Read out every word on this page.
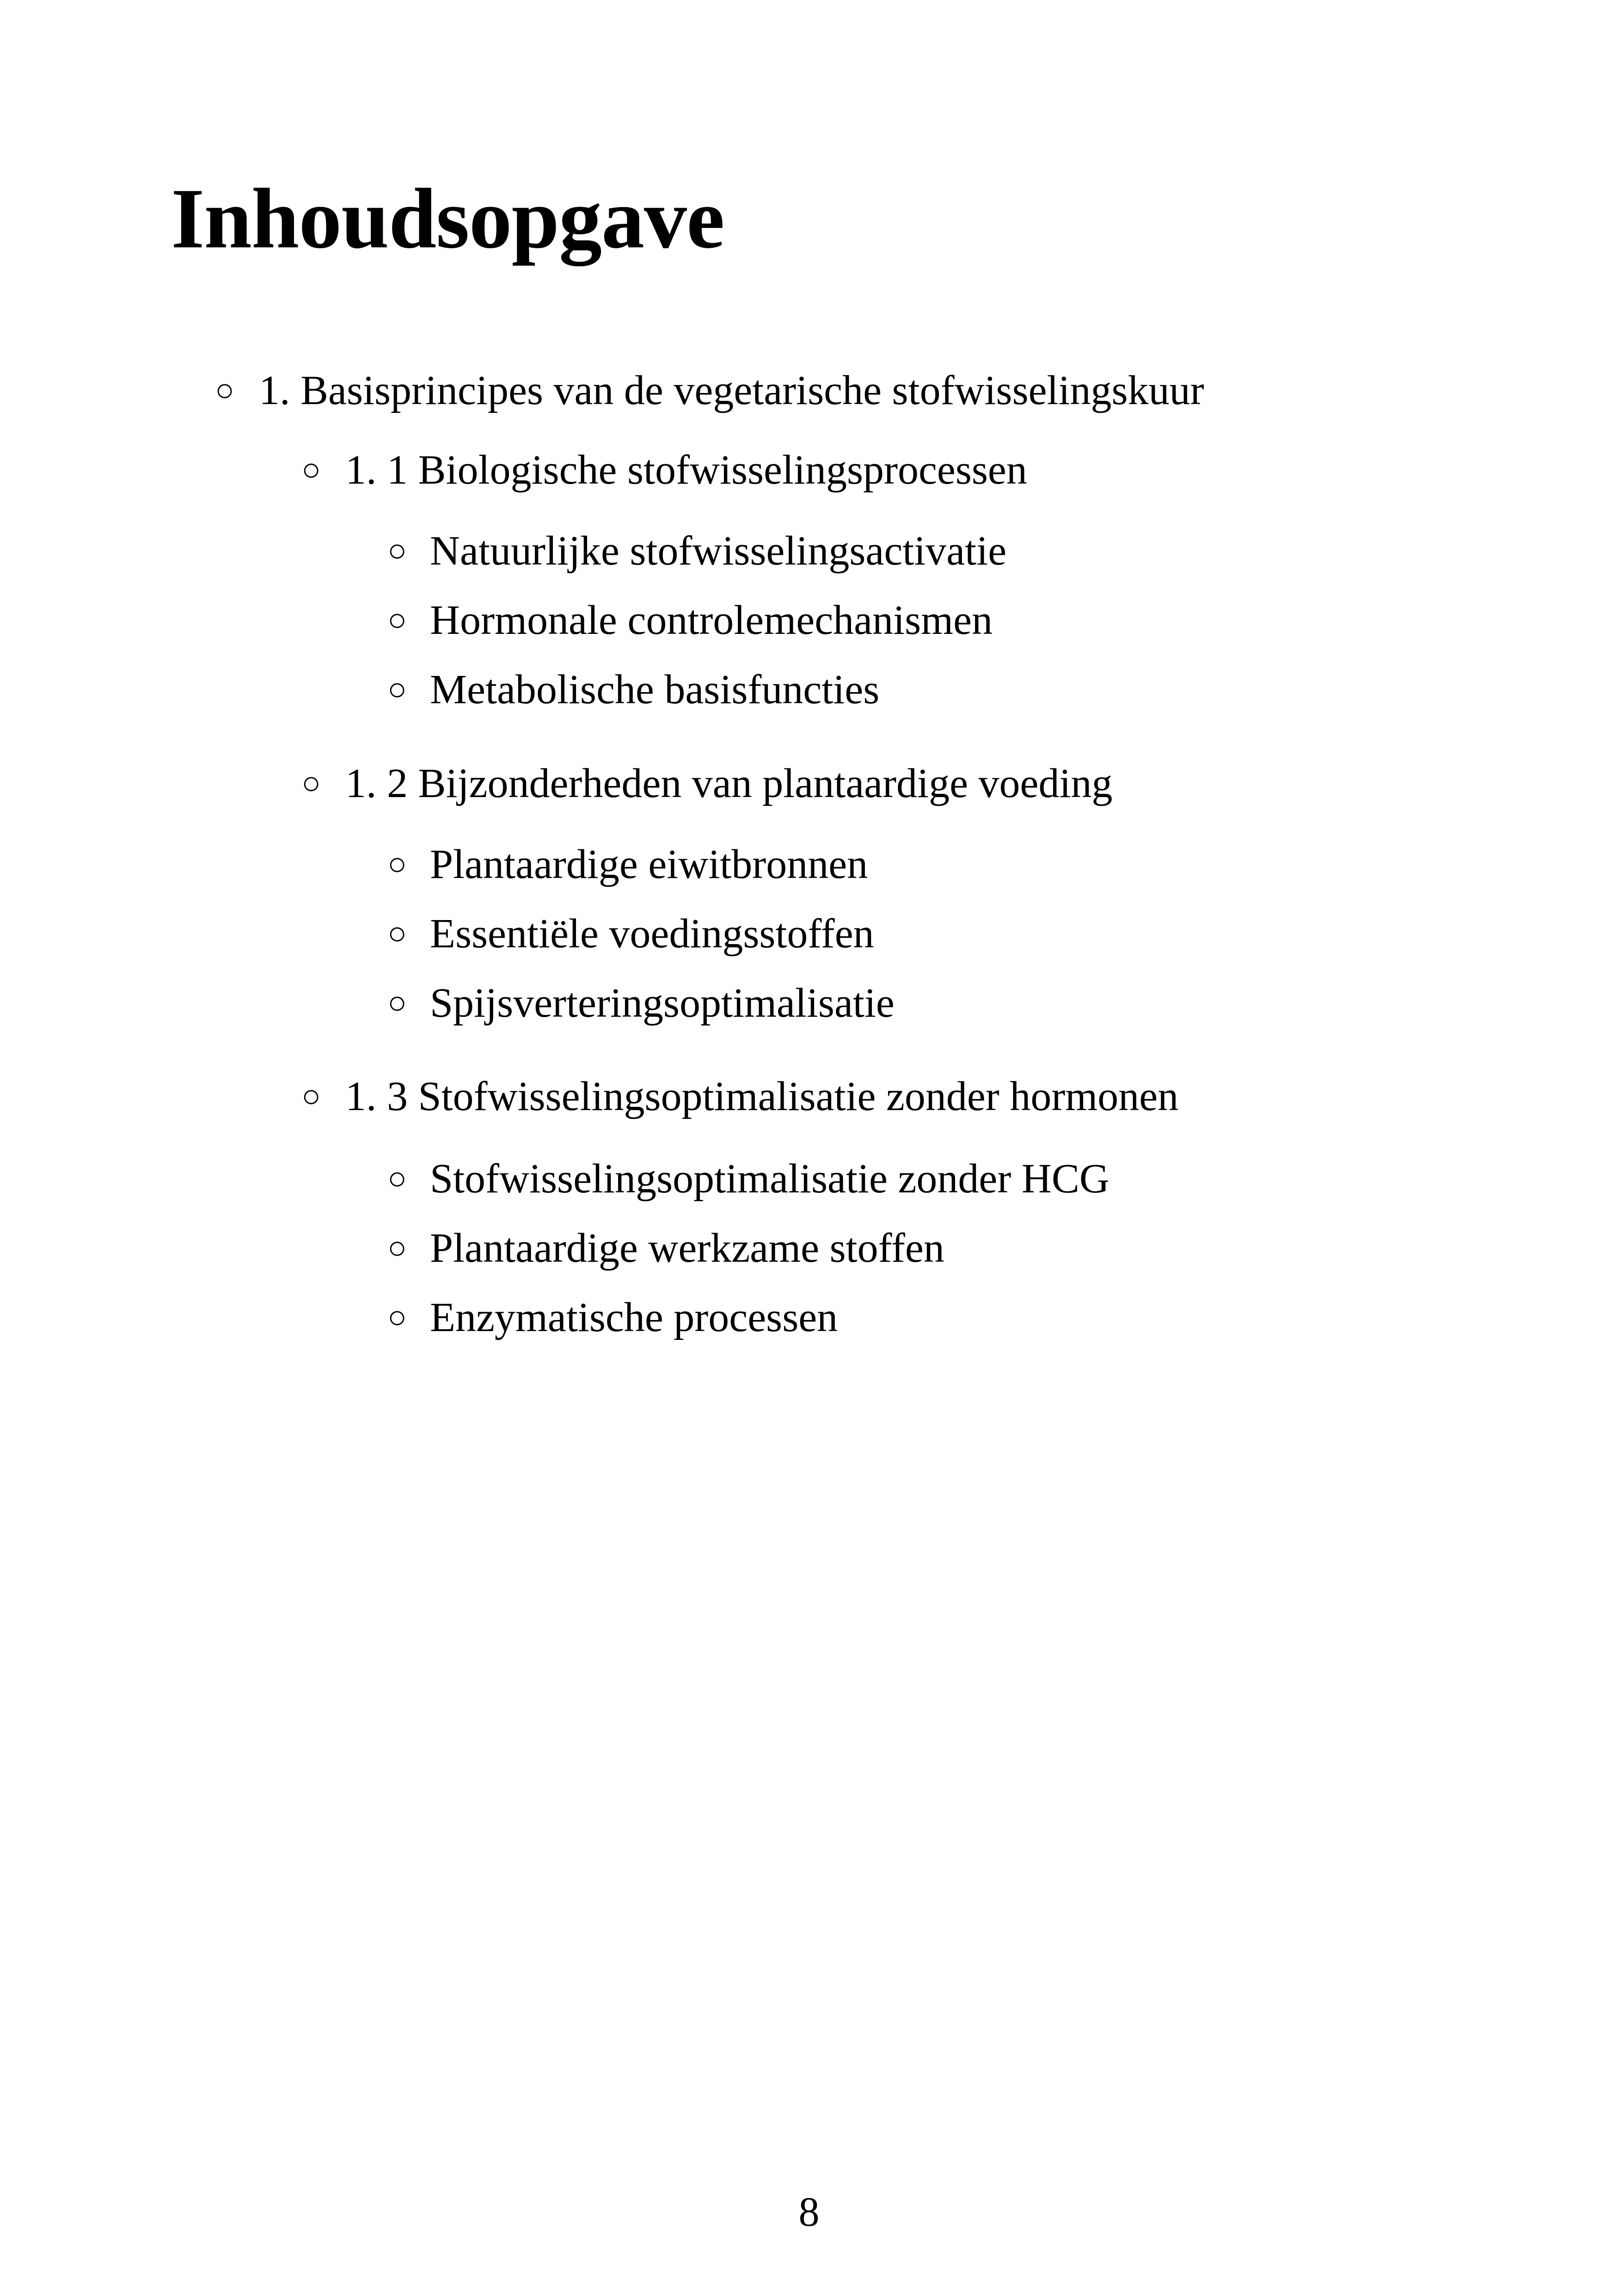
Inhoudsopgave
○ 1. Basisprincipes van de vegetarische stofwisselingskuur
○ 1. 1 Biologische stofwisselingsprocessen
○ Natuurlijke stofwisselingsactivatie
○ Hormonale controlemechanismen
○ Metabolische basisfuncties
○ 1. 2 Bijzonderheden van plantaardige voeding
○ Plantaardige eiwitbronnen
○ Essentiële voedingsstoffen
○ Spijsverteringsoptimalisatie
○ 1. 3 Stofwisselingsoptimalisatie zonder hormonen
○ Stofwisselingsoptimalisatie zonder HCG
○ Plantaardige werkzame stoffen
○ Enzymatische processen
8
